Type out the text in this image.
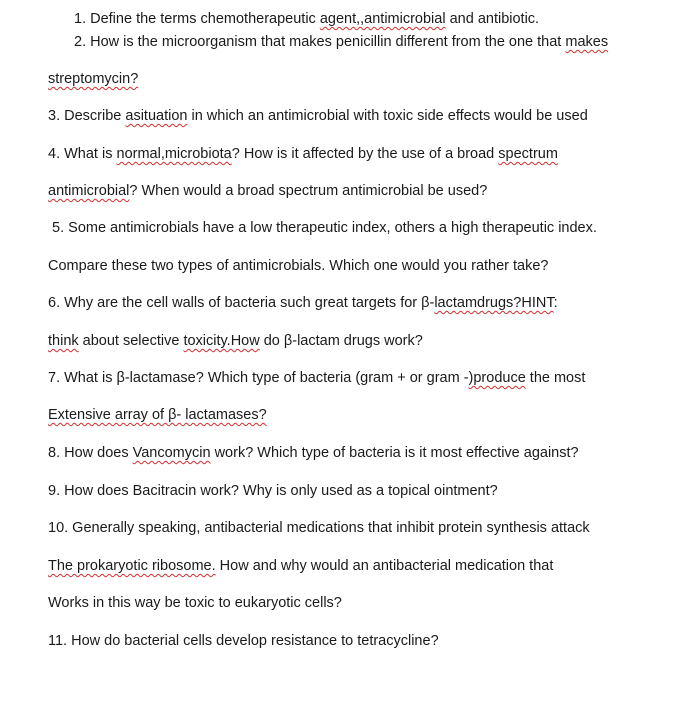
1. Define the terms chemotherapeutic agent,,antimicrobial and antibiotic.
2. How is the microorganism that makes penicillin different from the one that makes
streptomycin?
3. Describe asituation in which an antimicrobial with toxic side effects would be used
4. What is normal,microbiota? How is it affected by the use of a broad spectrum
antimicrobial? When would a broad spectrum antimicrobial be used?
5. Some antimicrobials have a low therapeutic index, others a high therapeutic index.
Compare these two types of antimicrobials. Which one would you rather take?
6. Why are the cell walls of bacteria such great targets for β-lactamdrugs?HINT:
think about selective toxicity.How do β-lactam drugs work?
7. What is β-lactamase? Which type of bacteria (gram + or gram -)produce the most
Extensive array of β- lactamases?
8. How does Vancomycin work? Which type of bacteria is it most effective against?
9. How does Bacitracin work? Why is only used as a topical ointment?
10. Generally speaking, antibacterial medications that inhibit protein synthesis attack
The prokaryotic ribosome. How and why would an antibacterial medication that
Works in this way be toxic to eukaryotic cells?
11. How do bacterial cells develop resistance to tetracycline?
